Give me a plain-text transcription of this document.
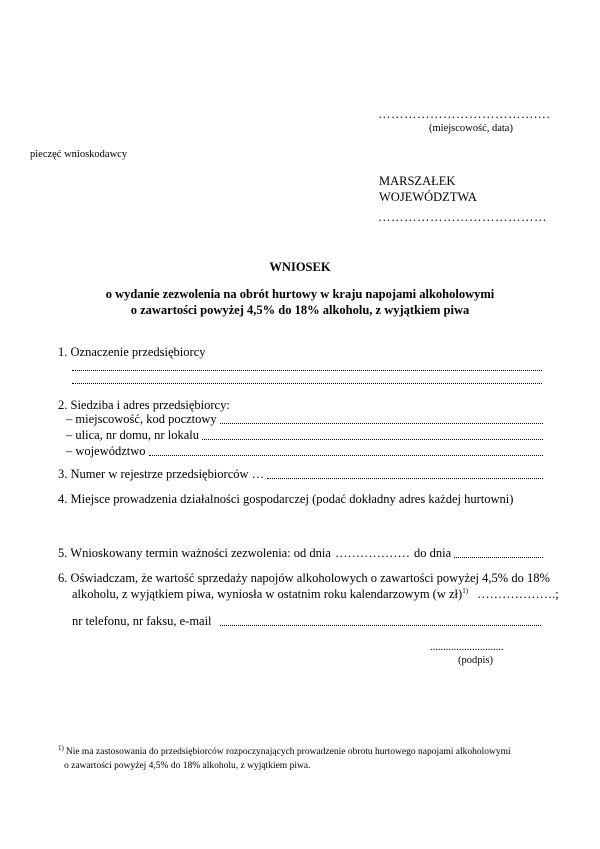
……………………………….…
(miejscowość, data)
pieczęć wnioskodawcy
MARSZAŁEK
WOJEWÓDZTWA
…………………………………
WNIOSEK
o wydanie zezwolenia na obrót hurtowy w kraju napojami alkoholowymi
o zawartości powyżej 4,5% do 18% alkoholu, z wyjątkiem piwa
1. Oznaczenie przedsiębiorcy
2. Siedziba i adres przedsiębiorcy:
– miejscowość, kod pocztowy
– ulica, nr domu, nr lokalu
– województwo
3. Numer w rejestrze przedsiębiorców …
4. Miejsce prowadzenia działalności gospodarczej (podać dokładny adres każdej hurtowni)
5. Wnioskowany termin ważności zezwolenia: od dnia ……………… do dnia
6. Oświadczam, że wartość sprzedaży napojów alkoholowych o zawartości powyżej 4,5% do 18%
alkoholu, z wyjątkiem piwa, wyniosła w ostatnim roku kalendarzowym (w zł)$^{1)}$ ……………….;
nr telefonu, nr faksu, e-mail
............................
(podpis)
$^{1)}$ Nie ma zastosowania do przedsiębiorców rozpoczynających prowadzenie obrotu hurtowego napojami alkoholowymi
o zawartości powyżej 4,5% do 18% alkoholu, z wyjątkiem piwa.
